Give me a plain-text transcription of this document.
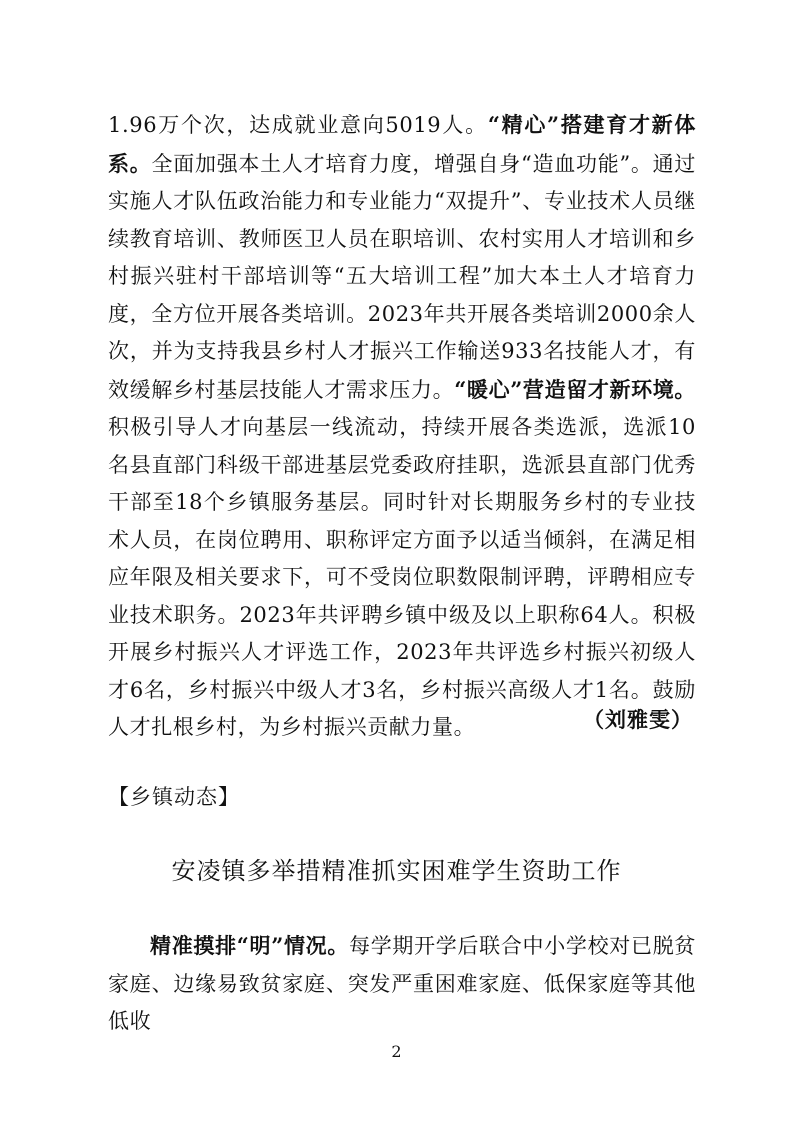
1.96万个次，达成就业意向5019人。“精心”搭建育才新体系。全面加强本土人才培育力度，增强自身“造血功能”。通过实施人才队伍政治能力和专业能力“双提升”、专业技术人员继续教育培训、教师医卫人员在职培训、农村实用人才培训和乡村振兴驻村干部培训等“五大培训工程”加大本土人才培育力度，全方位开展各类培训。2023年共开展各类培训2000余人次，并为支持我县乡村人才振兴工作输送933名技能人才，有效缓解乡村基层技能人才需求压力。“暖心”营造留才新环境。积极引导人才向基层一线流动，持续开展各类选派，选派10名县直部门科级干部进基层党委政府挂职，选派县直部门优秀干部至18个乡镇服务基层。同时针对长期服务乡村的专业技术人员，在岗位聘用、职称评定方面予以适当倾斜，在满足相应年限及相关要求下，可不受岗位职数限制评聘，评聘相应专业技术职务。2023年共评聘乡镇中级及以上职称64人。积极开展乡村振兴人才评选工作，2023年共评选乡村振兴初级人才6名，乡村振兴中级人才3名，乡村振兴高级人才1名。鼓励人才扎根乡村，为乡村振兴贡献力量。	（刘雅雯）
【乡镇动态】
安凌镇多举措精准抓实困难学生资助工作

精准摸排“明”情况。每学期开学后联合中小学校对已脱贫家庭、边缘易致贫家庭、突发严重困难家庭、低保家庭等其他低收

2
